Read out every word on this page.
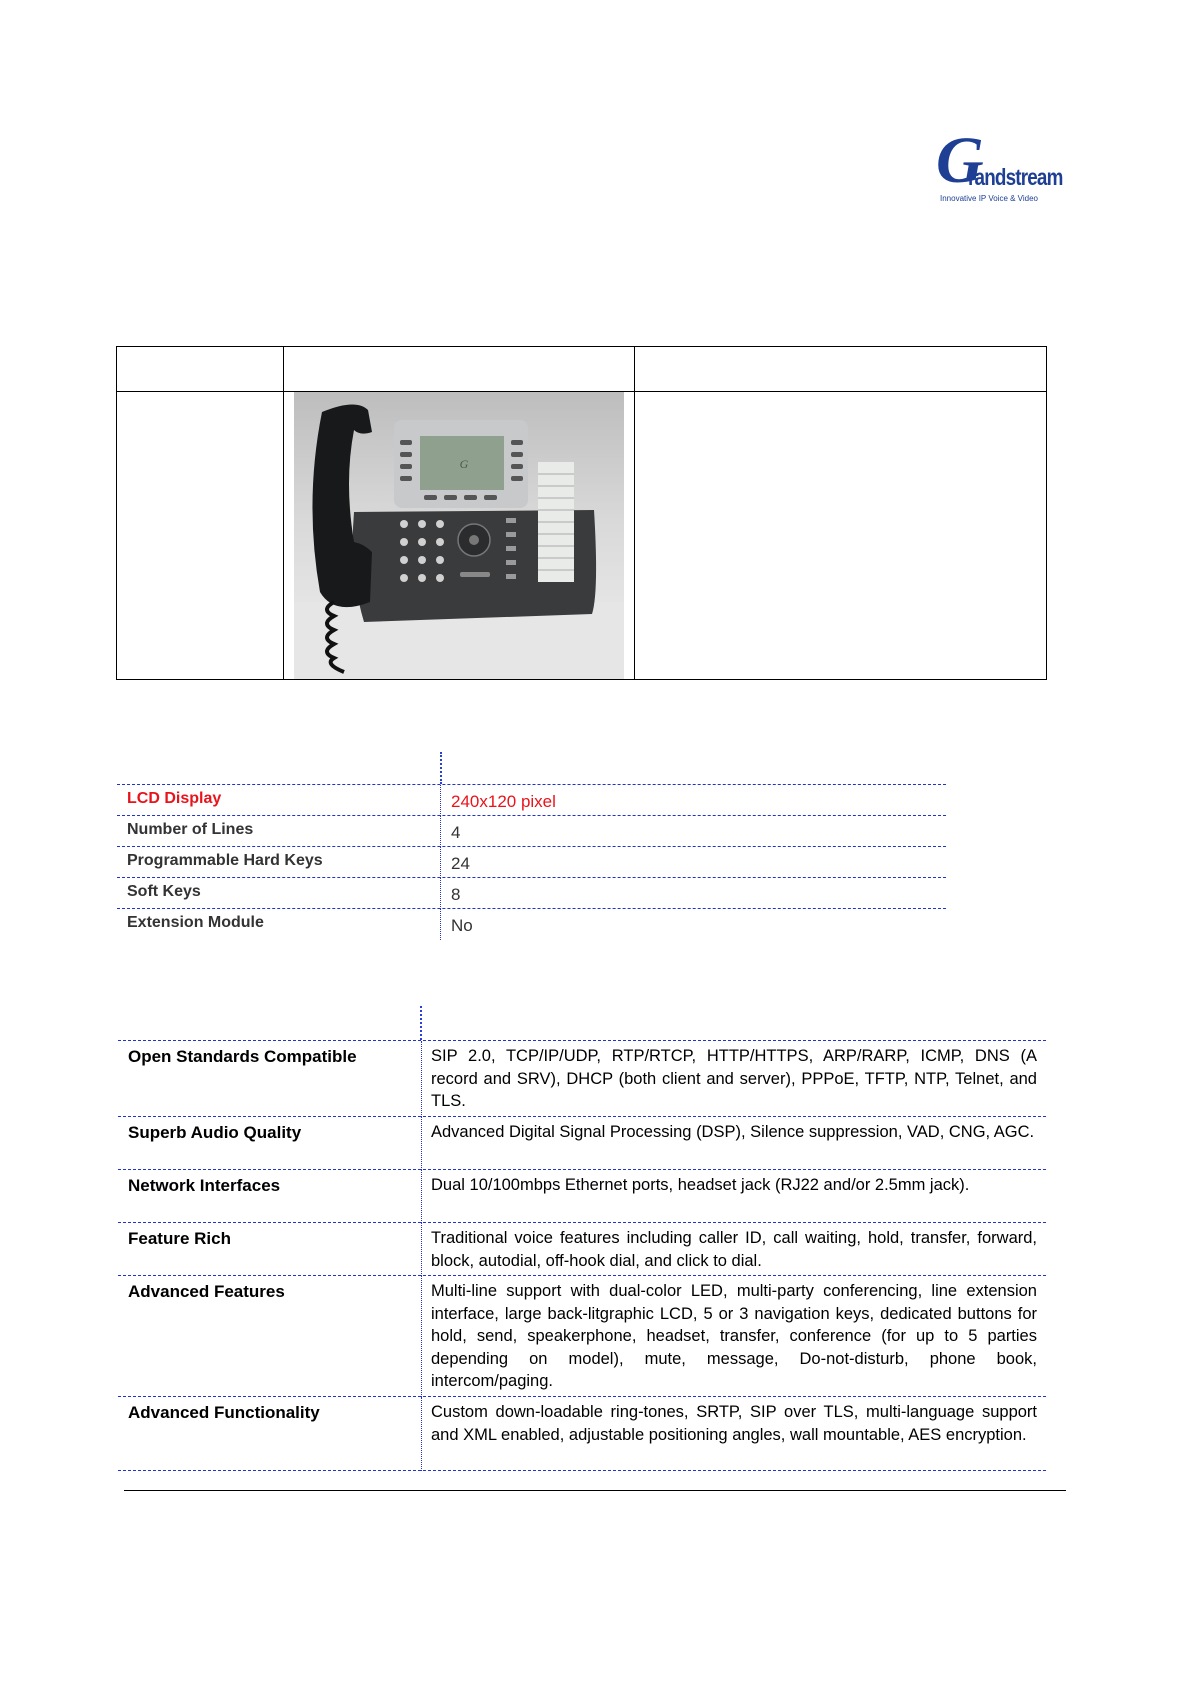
G
randstream
Innovative IP Voice & Video

G	

LCD Display	240x120 pixel
Number of Lines	4
Programmable Hard Keys	24
Soft Keys	8
Extension Module	No
Open Standards Compatible	SIP 2.0, TCP/IP/UDP, RTP/RTCP, HTTP/HTTPS, ARP/RARP, ICMP, DNS (A record and SRV), DHCP (both client and server), PPPoE, TFTP, NTP, Telnet, and TLS.
Superb Audio Quality	Advanced Digital Signal Processing (DSP), Silence suppression, VAD, CNG, AGC.
Network Interfaces	Dual 10/100mbps Ethernet ports, headset jack (RJ22 and/or 2.5mm jack).
Feature Rich	Traditional voice features including caller ID, call waiting, hold, transfer, forward, block, autodial, off-hook dial, and click to dial.
Advanced Features	Multi-line support with dual-color LED, multi-party conferencing, line extension interface, large back-litgraphic LCD, 5 or 3 navigation keys, dedicated buttons for hold, send, speakerphone, headset, transfer, conference (for up to 5 parties depending on model), mute, message, Do-not-disturb, phone book, intercom/paging.
Advanced Functionality	Custom down-loadable ring-tones, SRTP, SIP over TLS, multi-language support and XML enabled, adjustable positioning angles, wall mountable, AES encryption.
